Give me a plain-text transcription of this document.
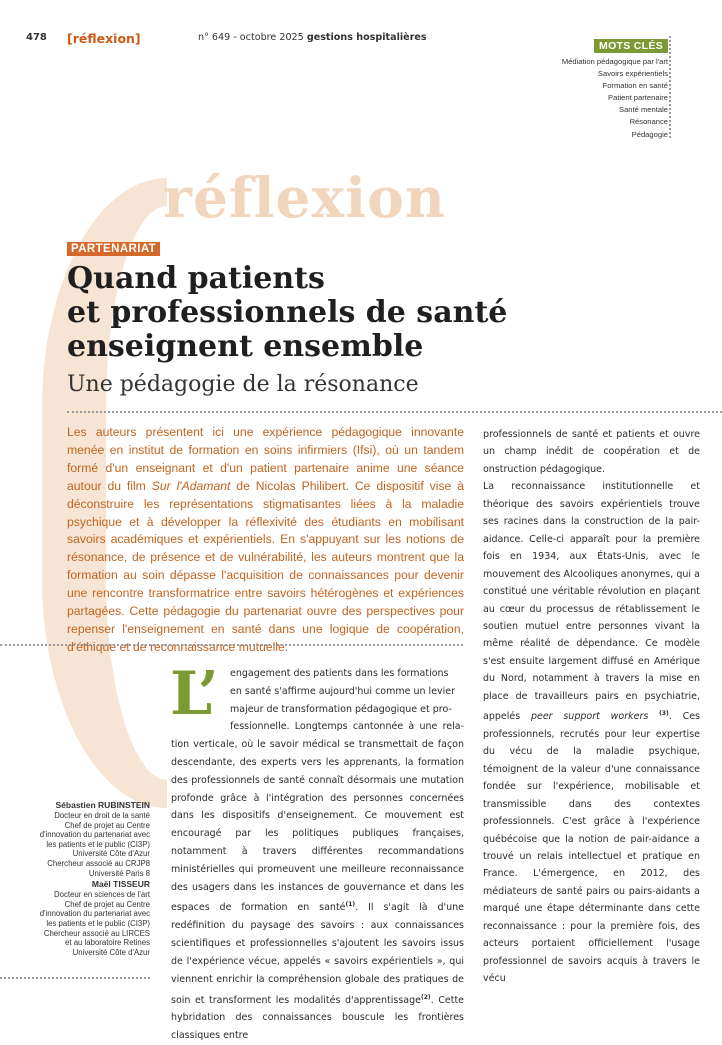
478 [réflexion]	n° 649 - octobre 2025 gestions hospitalières
MOTS CLÉS
Médiation pédagogique par l'art
Savoirs expérientiels
Formation en santé
Patient partenaire
Santé mentale
Résonance
Pédagogie
réflexion
PARTENARIAT
Quand patients
et professionnels de santé
enseignent ensemble
Une pédagogie de la résonance
Les auteurs présentent ici une expérience pédagogique innovante menée en institut de formation en soins infirmiers (Ifsi), où un tandem formé d'un enseignant et d'un patient partenaire anime une séance autour du film Sur l'Adamant de Nicolas Philibert. Ce dispositif vise à déconstruire les représentations stigmatisantes liées à la maladie psychique et à développer la réflexivité des étudiants en mobilisant savoirs académiques et expérientiels. En s'appuyant sur les notions de résonance, de présence et de vulnérabilité, les auteurs montrent que la formation au soin dépasse l'acquisition de connaissances pour devenir une rencontre transformatrice entre savoirs hétérogènes et expériences partagées. Cette pédagogie du partenariat ouvre des perspectives pour repenser l'enseignement en santé dans une logique de coopération, d'éthique et de reconnaissance mutuelle.
L’	engagement des patients dans les formations
en santé s'affirme aujourd'hui comme un levier
majeur de transformation pédagogique et pro-
fessionnelle. Longtemps cantonnée à une rela-
tion verticale, où le savoir médical se transmettait de façon descendante, des experts vers les apprenants, la formation des professionnels de santé connaît désormais une mutation profonde grâce à l'intégration des personnes concernées dans les dispositifs d'enseignement. Ce mouvement est encouragé par les politiques publiques françaises, notamment à travers différentes recommandations ministérielles qui promeuvent une meilleure reconnaissance des usagers dans les instances de gouvernance et dans les espaces de formation en santé$^{(1)}$. Il s'agit là d'une redéfinition du paysage des savoirs : aux connaissances scientifiques et professionnelles s'ajoutent les savoirs issus de l'expérience vécue, appelés « savoirs expérientiels », qui viennent enrichir la compréhension globale des pratiques de soin et transforment les modalités d'apprentissage$^{(2)}$. Cette hybridation des connaissances bouscule les frontières classiques entre

professionnels de santé et patients et ouvre un champ inédit de coopération et de onstruction pédagogique.

La reconnaissance institutionnelle et théorique des savoirs expérientiels trouve ses racines dans la construction de la pair-aidance. Celle-ci apparaît pour la première fois en 1934, aux États-Unis, avec le mouvement des Alcooliques anonymes, qui a constitué une véritable révolution en plaçant au cœur du processus de rétablissement le soutien mutuel entre personnes vivant la même réalité de dépendance. Ce modèle s'est ensuite largement diffusé en Amérique du Nord, notamment à travers la mise en place de travailleurs pairs en psychiatrie, appelés peer support workers $^{(3)}$. Ces professionnels, recrutés pour leur expertise du vécu de la maladie psychique, témoignent de la valeur d'une connaissance fondée sur l'expérience, mobilisable et transmissible dans des contextes professionnels. C'est grâce à l'expérience québécoise que la notion de pair-aidance a trouvé un relais intellectuel et pratique en France. L'émergence, en 2012, des médiateurs de santé pairs ou pairs-aidants a marqué une étape déterminante dans cette reconnaissance : pour la première fois, des acteurs portaient officiellement l'usage professionnel de savoirs acquis à travers le vécu

Sébastien RUBINSTEIN
Docteur en droit de la santé
Chef de projet au Centre
d'innovation du partenariat avec
les patients et le public (CI3P)
Université Côte d'Azur
Chercheur associé au CRJP8
Université Paris 8
Maël TISSEUR
Docteur en sciences de l'art
Chef de projet au Centre
d'innovation du partenariat avec
les patients et le public (CI3P)
Chercheur associé au LIRCES
et au laboratoire Retines
Université Côte d'Azur
